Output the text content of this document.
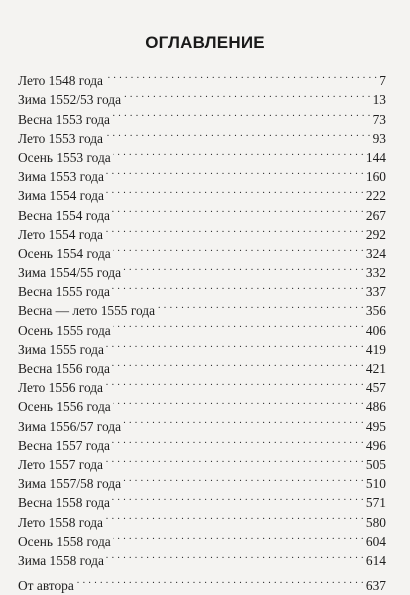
ОГЛАВЛЕНИЕ
Лето 1548 года . . .	7
Зима 1552/53 года . . .	13
Весна 1553 года . . .	73
Лето 1553 года . . .	93
Осень 1553 года . . .	144
Зима 1553 года . . .	160
Зима 1554 года . . .	222
Весна 1554 года . . .	267
Лето 1554 года . . .	292
Осень 1554 года . . .	324
Зима 1554/55 года . . .	332
Весна 1555 года . . .	337
Весна — лето 1555 года . . .	356
Осень 1555 года . . .	406
Зима 1555 года . . .	419
Весна 1556 года . . .	421
Лето 1556 года . . .	457
Осень 1556 года . . .	486
Зима 1556/57 года . . .	495
Весна 1557 года . . .	496
Лето 1557 года . . .	505
Зима 1557/58 года . . .	510
Весна 1558 года . . .	571
Лето 1558 года . . .	580
Осень 1558 года . . .	604
Зима 1558 года . . .	614
От автора . . .	637
